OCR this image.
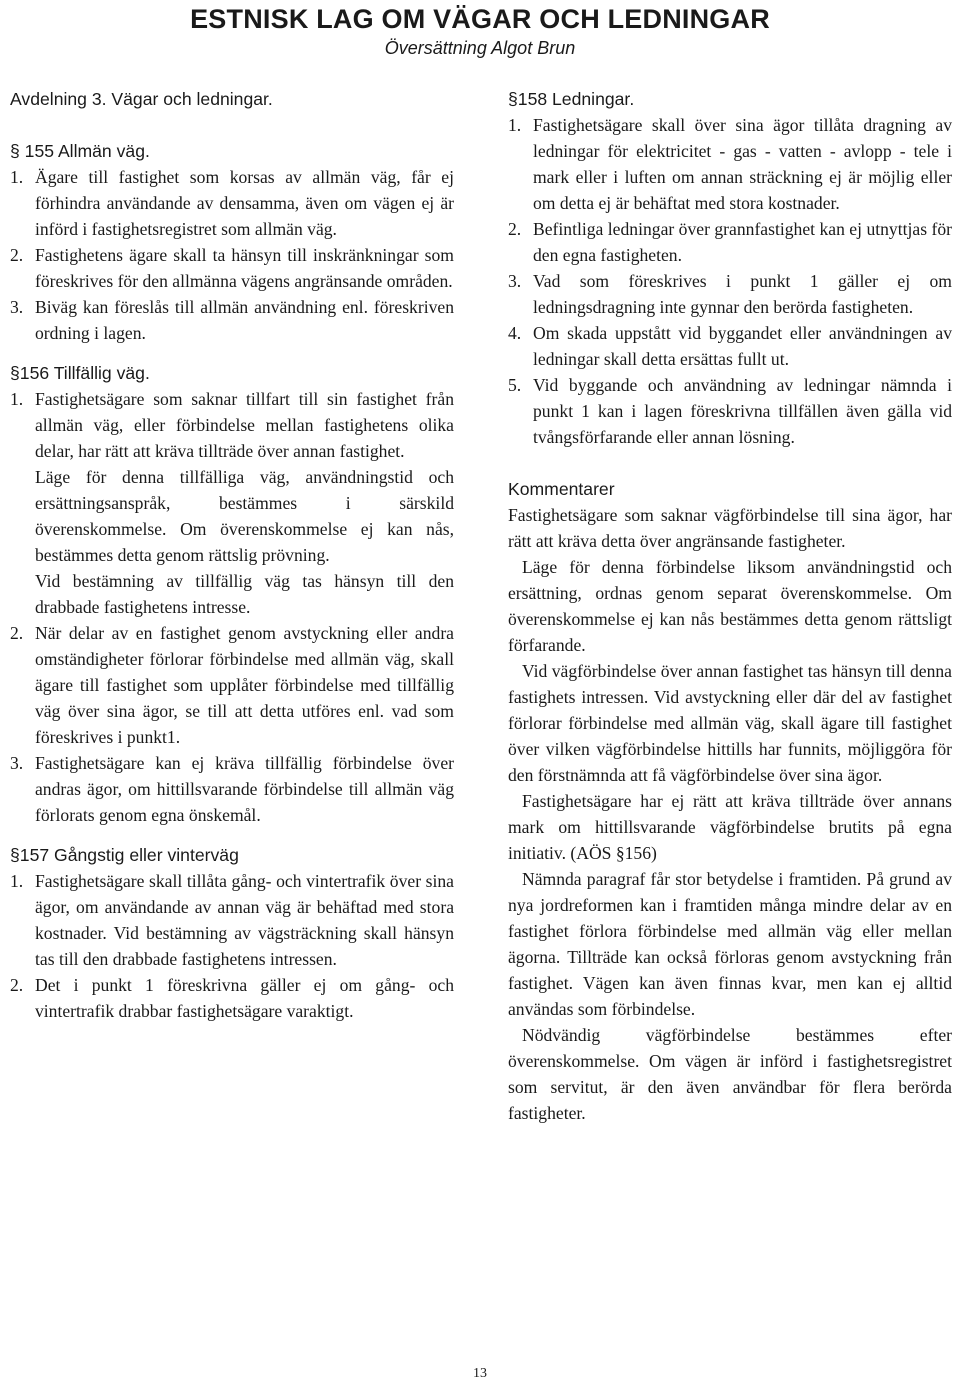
ESTNISK LAG OM VÄGAR OCH LEDNINGAR
Översättning Algot Brun
Avdelning 3. Vägar och ledningar.
§ 155 Allmän väg.
1. Ägare till fastighet som korsas av allmän väg, får ej förhindra användande av densamma, även om vägen ej är införd i fastighetsregistret som allmän väg.
2. Fastighetens ägare skall ta hänsyn till inskränkningar som föreskrives för den allmänna vägens angränsande områden.
3. Biväg kan föreslås till allmän användning enl. föreskriven ordning i lagen.
§156 Tillfällig väg.
1. Fastighetsägare som saknar tillfart till sin fastighet från allmän väg, eller förbindelse mellan fastighetens olika delar, har rätt att kräva tillträde över annan fastighet.

Läge för denna tillfälliga väg, användningstid och ersättningsanspråk, bestämmes i särskild överenskommelse. Om överenskommelse ej kan nås, bestämmes detta genom rättslig prövning.

Vid bestämning av tillfällig väg tas hänsyn till den drabbade fastighetens intresse.

2. När delar av en fastighet genom avstyckning eller andra omständigheter förlorar förbindelse med allmän väg, skall ägare till fastighet som upplåter förbindelse med tillfällig väg över sina ägor, se till att detta utföres enl. vad som föreskrives i punkt1.
3. Fastighetsägare kan ej kräva tillfällig förbindelse över andras ägor, om hittillsvarande förbindelse till allmän väg förlorats genom egna önskemål.
§157 Gångstig eller vinterväg
1. Fastighetsägare skall tillåta gång- och vintertrafik över sina ägor, om användande av annan väg är behäftad med stora kostnader. Vid bestämning av vägsträckning skall hänsyn tas till den drabbade fastighetens intressen.
2. Det i punkt 1 föreskrivna gäller ej om gång- och vintertrafik drabbar fastighetsägare varaktigt.
§158 Ledningar.
1. Fastighetsägare skall över sina ägor tillåta dragning av ledningar för elektricitet - gas - vatten - avlopp - tele i mark eller i luften om annan sträckning ej är möjlig eller om detta ej är behäftat med stora kostnader.
2. Befintliga ledningar över grannfastighet kan ej utnyttjas för den egna fastigheten.
3. Vad som föreskrives i punkt 1 gäller ej om ledningsdragning inte gynnar den berörda fastigheten.
4. Om skada uppstått vid byggandet eller användningen av ledningar skall detta ersättas fullt ut.
5. Vid byggande och användning av ledningar nämnda i punkt 1 kan i lagen föreskrivna tillfällen även gälla vid tvångsförfarande eller annan lösning.
Kommentarer

Fastighetsägare som saknar vägförbindelse till sina ägor, har rätt att kräva detta över angränsande fastigheter.

Läge för denna förbindelse liksom användningstid och ersättning, ordnas genom separat överenskommelse. Om överenskommelse ej kan nås bestämmes detta genom rättsligt förfarande.

Vid vägförbindelse över annan fastighet tas hänsyn till denna fastighets intressen. Vid avstyckning eller där del av fastighet förlorar förbindelse med allmän väg, skall ägare till fastighet över vilken vägförbindelse hittills har funnits, möjliggöra för den förstnämnda att få vägförbindelse över sina ägor.

Fastighetsägare har ej rätt att kräva tillträde över annans mark om hittillsvarande vägförbindelse brutits på egna initiativ. (AÖS §156)

Nämnda paragraf får stor betydelse i framtiden. På grund av nya jordreformen kan i framtiden många mindre delar av en fastighet förlora förbindelse med allmän väg eller mellan ägorna. Tillträde kan också förloras genom avstyckning från fastighet. Vägen kan även finnas kvar, men kan ej alltid användas som förbindelse.

Nödvändig vägförbindelse bestämmes efter överenskommelse. Om vägen är införd i fastighetsregistret som servitut, är den även användbar för flera berörda fastigheter.

13
